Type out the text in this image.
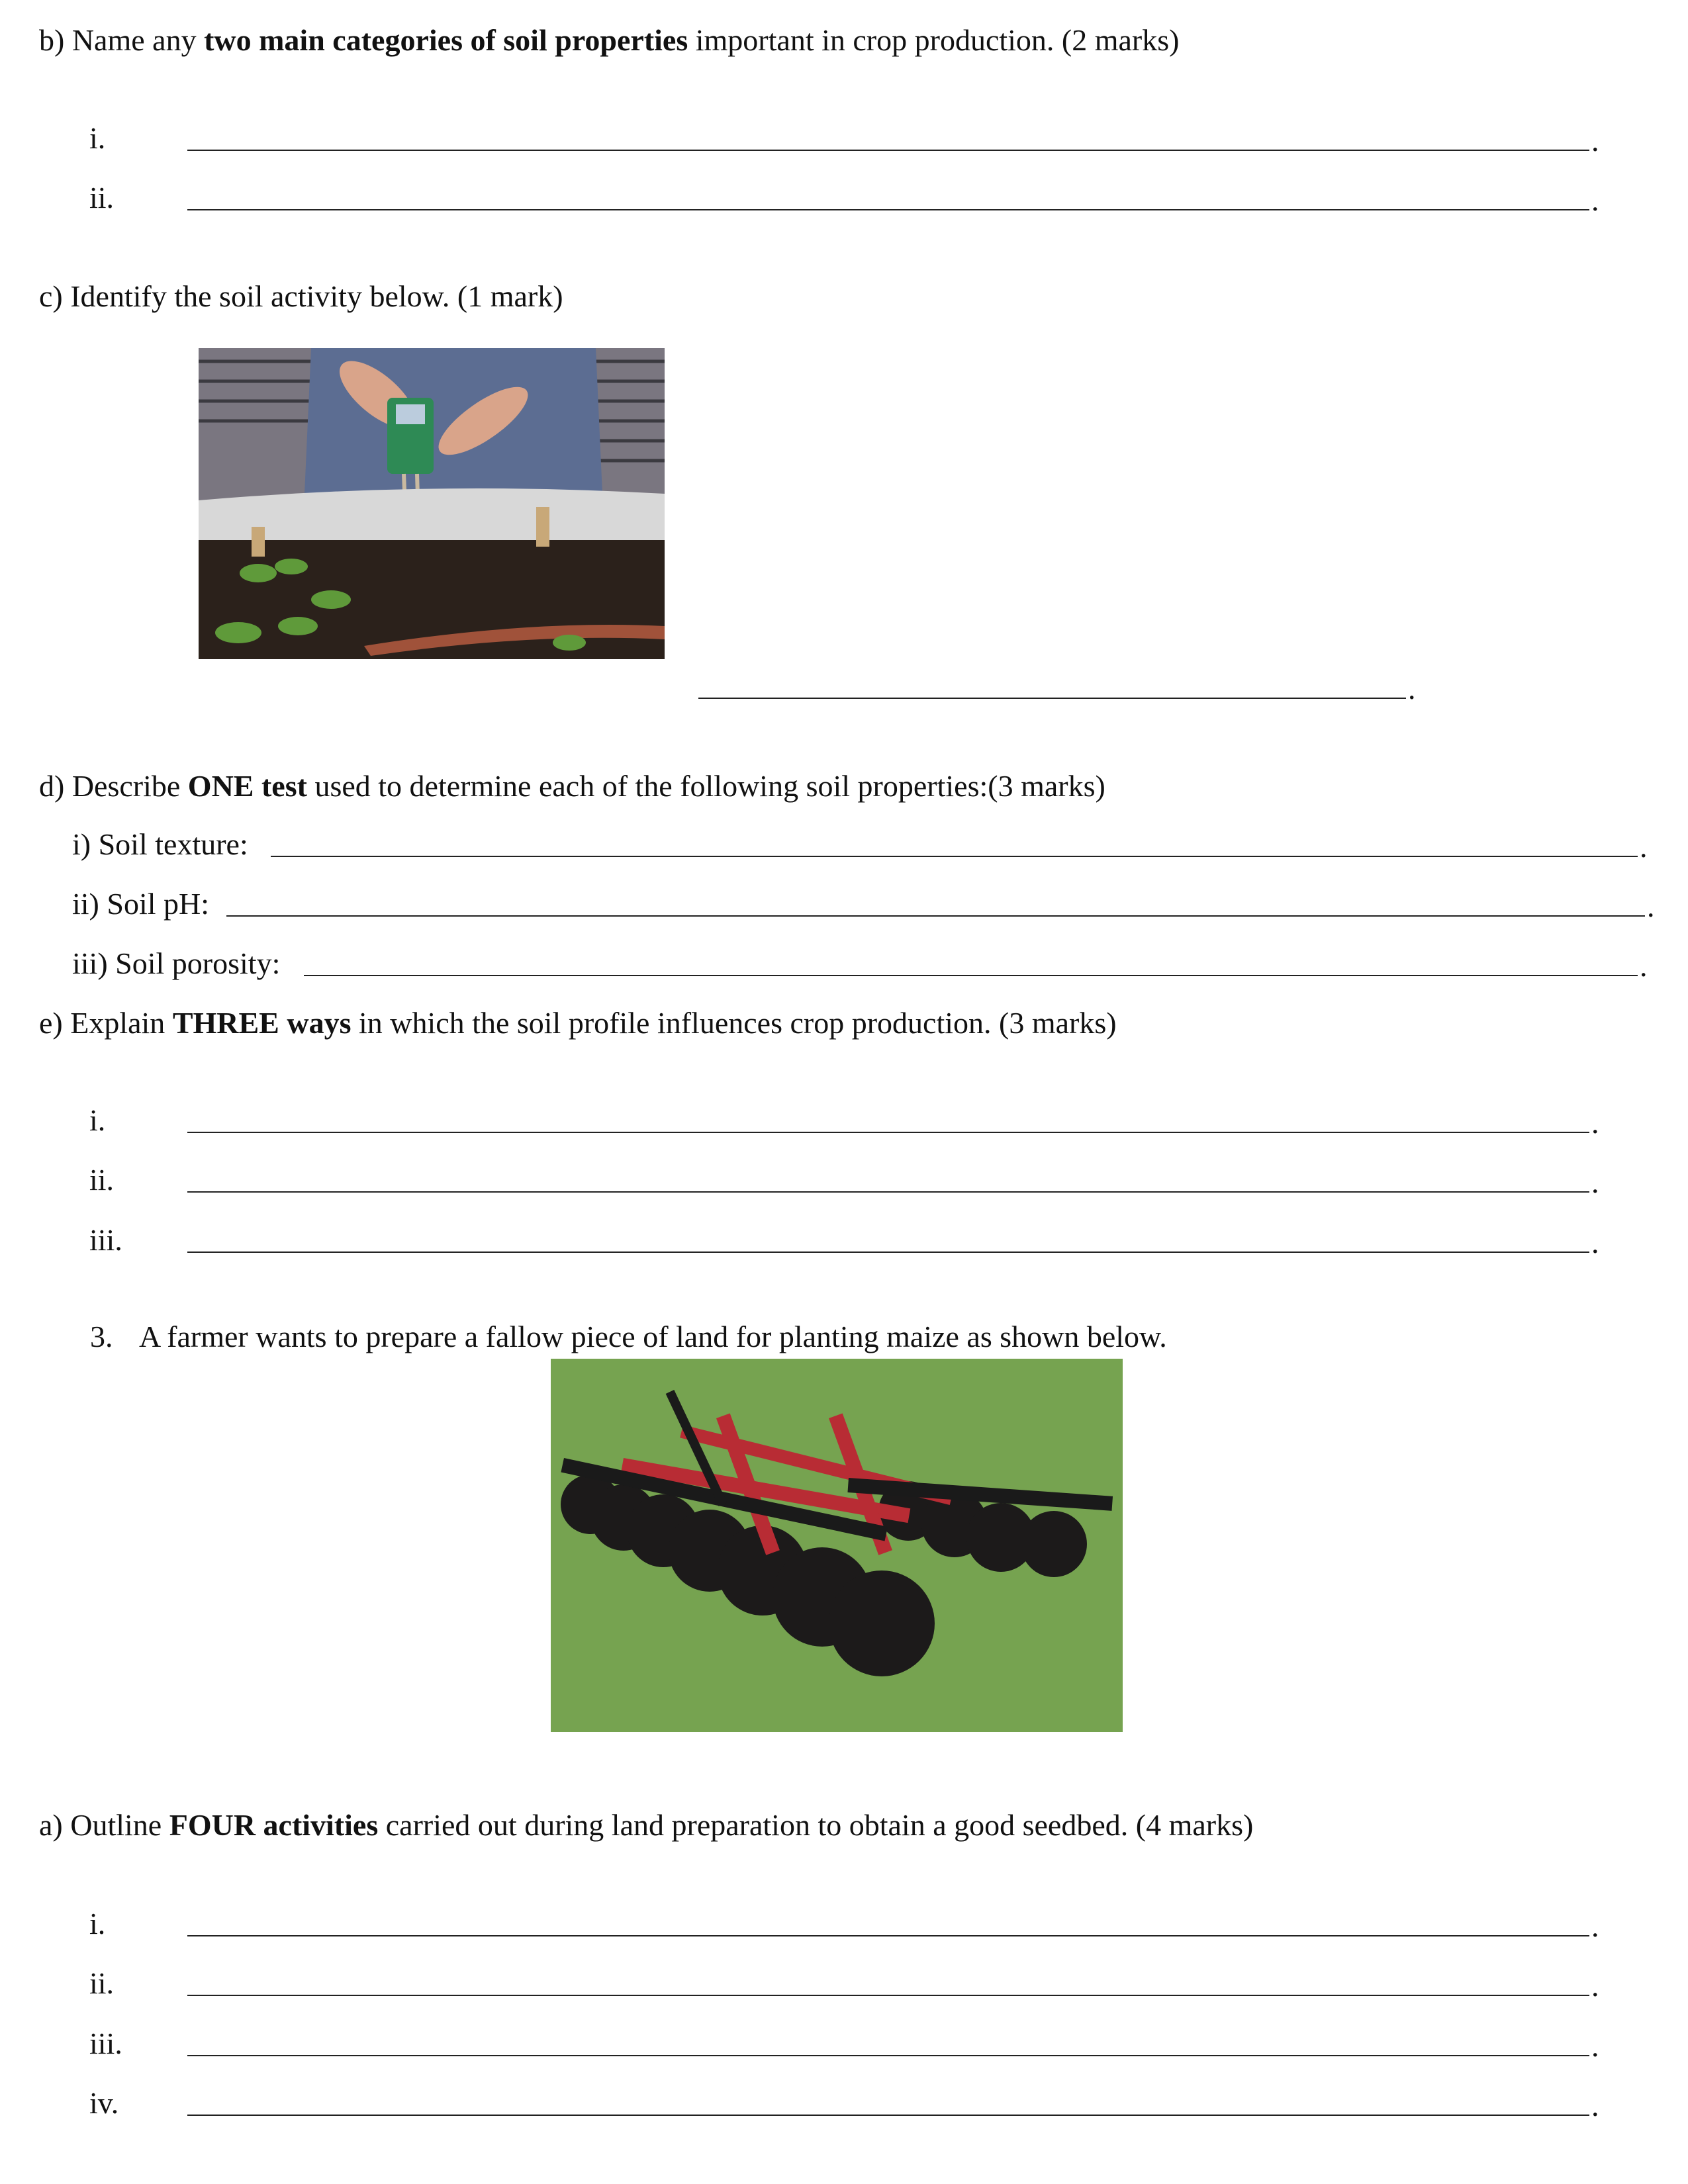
b) Name any two main categories of soil properties important in crop production. (2 marks)
i.	.
ii.	.
c) Identify the soil activity below. (1 mark)
.
d) Describe ONE test used to determine each of the following soil properties:(3 marks)
i) Soil texture:	.
ii) Soil pH:	.
iii) Soil porosity:	.
e) Explain THREE ways in which the soil profile influences crop production. (3 marks)
i.	.
ii.	.
iii.	.
3. A farmer wants to prepare a fallow piece of land for planting maize as shown below.
a) Outline FOUR activities carried out during land preparation to obtain a good seedbed. (4 marks)
i.	.
ii.	.
iii.	.
iv.	.
